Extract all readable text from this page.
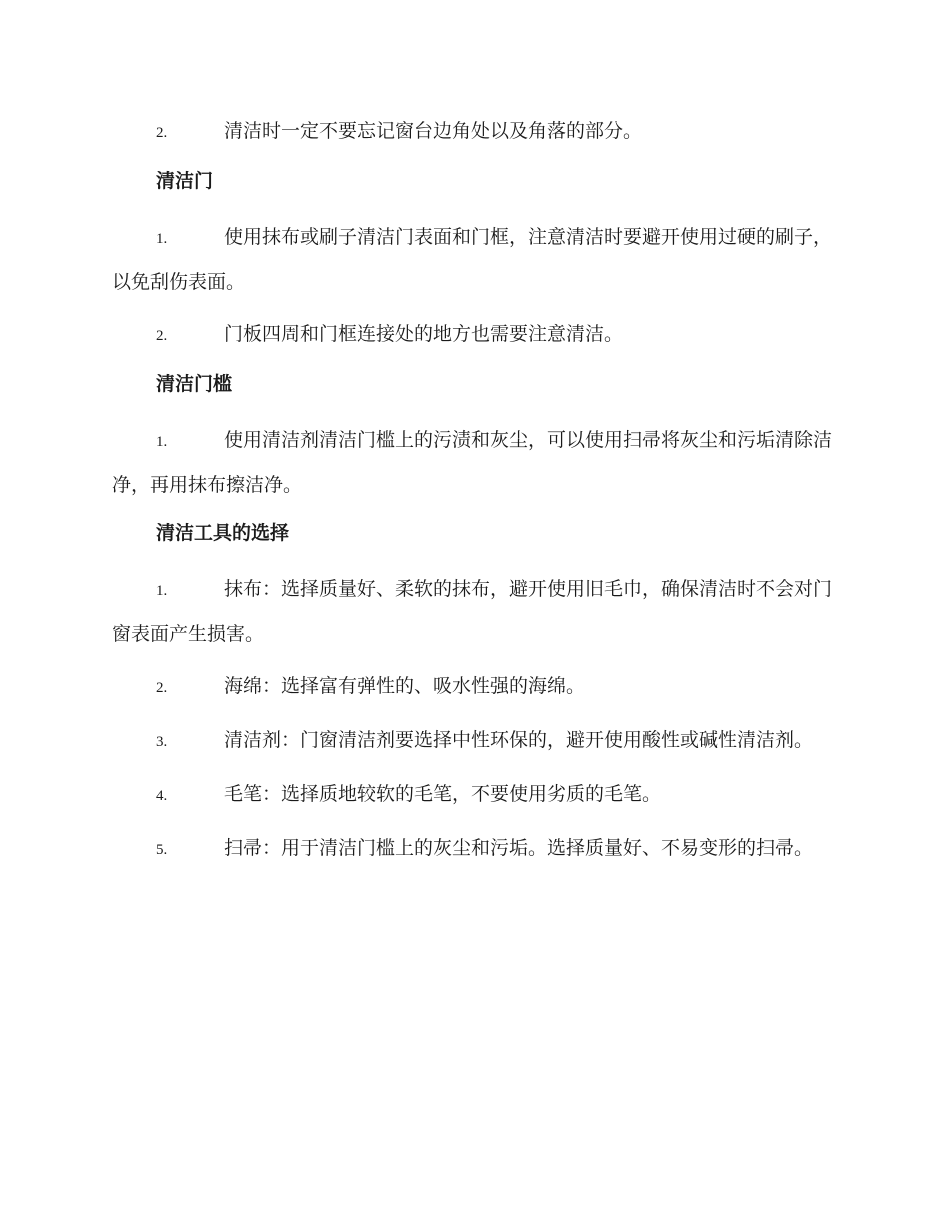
2.	清洁时一定不要忘记窗台边角处以及角落的部分。

清洁门

1.	使用抹布或刷子清洁门表面和门框，注意清洁时要避开使用过硬的刷子，以免刮伤表面。

2.	门板四周和门框连接处的地方也需要注意清洁。

清洁门槛

1.	使用清洁剂清洁门槛上的污渍和灰尘，可以使用扫帚将灰尘和污垢清除洁净，再用抹布擦洁净。

清洁工具的选择

1.	抹布：选择质量好、柔软的抹布，避开使用旧毛巾，确保清洁时不会对门窗表面产生损害。

2.	海绵：选择富有弹性的、吸水性强的海绵。

3.	清洁剂：门窗清洁剂要选择中性环保的，避开使用酸性或碱性清洁剂。

4.	毛笔：选择质地较软的毛笔，不要使用劣质的毛笔。

5.	扫帚：用于清洁门槛上的灰尘和污垢。选择质量好、不易变形的扫帚。
